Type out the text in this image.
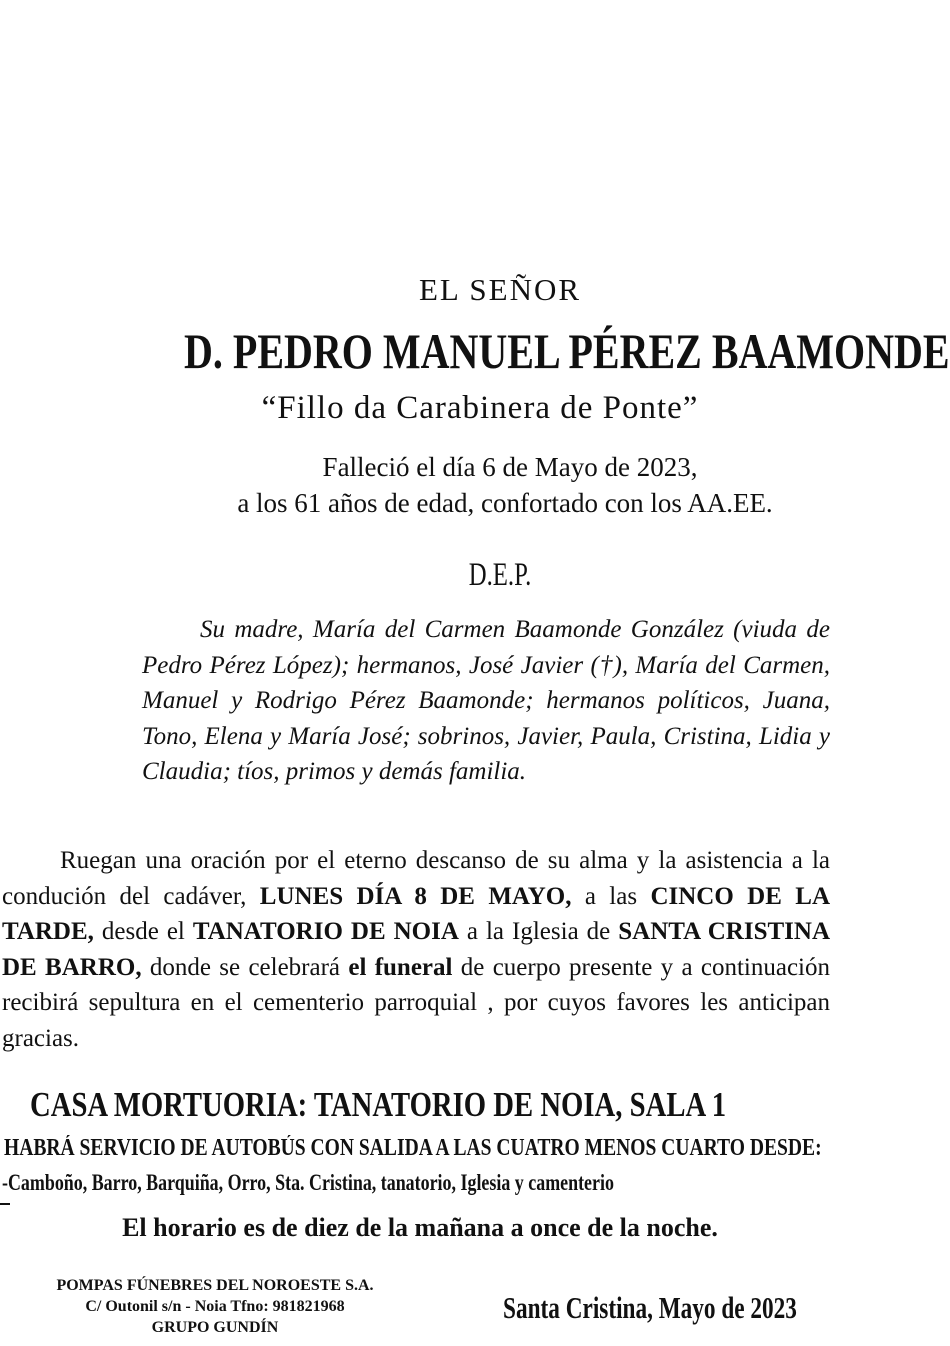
EL SEÑOR
D. PEDRO MANUEL PÉREZ BAAMONDE
“Fillo da Carabinera de Ponte”
Falleció el día 6 de Mayo de 2023,
a los 61 años de edad, confortado con los AA.EE.
D.E.P.
Su madre, María del Carmen Baamonde González (viuda de Pedro Pérez López); hermanos, José Javier (†), María del Carmen, Manuel y Rodrigo Pérez Baamonde; hermanos políticos, Juana, Tono, Elena y María José; sobrinos, Javier, Paula, Cristina, Lidia y Claudia; tíos, primos y demás familia.
Ruegan una oración por el eterno descanso de su alma y la asistencia a la condución del cadáver, LUNES DÍA 8 DE MAYO, a las CINCO DE LA TARDE, desde el TANATORIO DE NOIA a la Iglesia de SANTA CRISTINA DE BARRO, donde se celebrará el funeral de cuerpo presente y a continuación recibirá sepultura en el cementerio parroquial , por cuyos favores les anticipan gracias.
CASA MORTUORIA: TANATORIO DE NOIA, SALA 1
HABRÁ SERVICIO DE AUTOBÚS CON SALIDA A LAS CUATRO MENOS CUARTO DESDE:
-Camboño, Barro, Barquiña, Orro, Sta. Cristina, tanatorio, Iglesia y camenterio
El horario es de diez de la mañana a once de la noche.
POMPAS FÚNEBRES DEL NOROESTE S.A.
C/ Outonil s/n - Noia Tfno: 981821968
GRUPO GUNDÍN
Santa Cristina, Mayo de 2023
